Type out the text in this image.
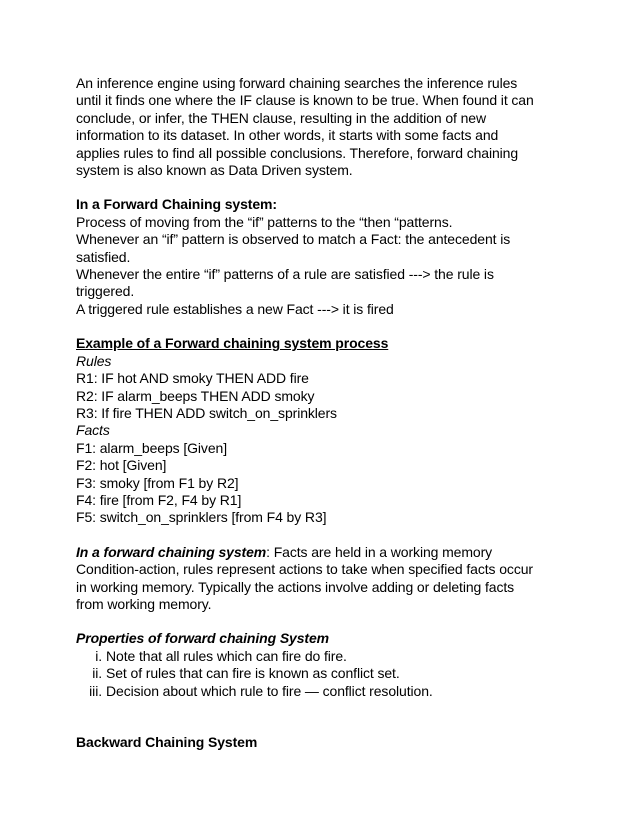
An inference engine using forward chaining searches the inference rules
until it finds one where the IF clause is known to be true. When found it can
conclude, or infer, the THEN clause, resulting in the addition of new
information to its dataset. In other words, it starts with some facts and
applies rules to find all possible conclusions. Therefore, forward chaining
system is also known as Data Driven system.

In a Forward Chaining system:

Process of moving from the “if” patterns to the “then “patterns.
Whenever an “if” pattern is observed to match a Fact: the antecedent is
satisfied.
Whenever the entire “if” patterns of a rule are satisfied ---> the rule is
triggered.
A triggered rule establishes a new Fact ---> it is fired

Example of a Forward chaining system process

Rules

R1: IF hot AND smoky THEN ADD fire
R2: IF alarm_beeps THEN ADD smoky
R3: If fire THEN ADD switch_on_sprinklers

Facts

F1: alarm_beeps [Given]
F2: hot [Given]
F3: smoky [from F1 by R2]
F4: fire [from F2, F4 by R1]
F5: switch_on_sprinklers [from F4 by R3]
In a forward chaining system: Facts are held in a working memory
Condition-action, rules represent actions to take when specified facts occur
in working memory. Typically the actions involve adding or deleting facts
from working memory.

Properties of forward chaining System

i. Note that all rules which can fire do fire.
ii. Set of rules that can fire is known as conflict set.
iii. Decision about which rule to fire — conflict resolution.

Backward Chaining System
